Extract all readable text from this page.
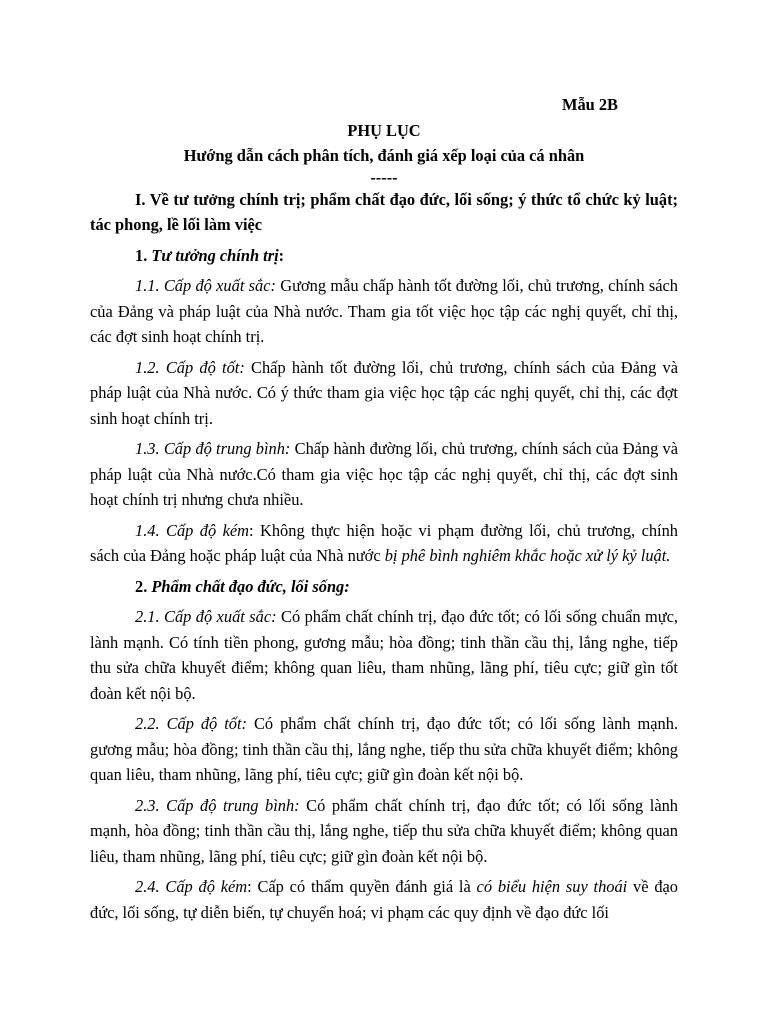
Mẫu 2B

PHỤ LỤC

Hướng dẫn cách phân tích, đánh giá xếp loại của cá nhân

-----

I. Về tư tưởng chính trị; phẩm chất đạo đức, lối sống; ý thức tổ chức kỷ luật; tác phong, lề lối làm việc

1. Tư tưởng chính trị:

1.1. Cấp độ xuất sắc: Gương mẫu chấp hành tốt đường lối, chủ trương, chính sách của Đảng và pháp luật của Nhà nước. Tham gia tốt việc học tập các nghị quyết, chỉ thị, các đợt sinh hoạt chính trị.

1.2. Cấp độ tốt: Chấp hành tốt đường lối, chủ trương, chính sách của Đảng và pháp luật của Nhà nước. Có ý thức tham gia việc học tập các nghị quyết, chỉ thị, các đợt sinh hoạt chính trị.

1.3. Cấp độ trung bình: Chấp hành đường lối, chủ trương, chính sách của Đảng và pháp luật của Nhà nước.Có tham gia việc học tập các nghị quyết, chỉ thị, các đợt sinh hoạt chính trị nhưng chưa nhiều.

1.4. Cấp độ kém: Không thực hiện hoặc vi phạm đường lối, chủ trương, chính sách của Đảng hoặc pháp luật của Nhà nước bị phê bình nghiêm khắc hoặc xử lý kỷ luật.

2. Phẩm chất đạo đức, lối sống:

2.1. Cấp độ xuất sắc: Có phẩm chất chính trị, đạo đức tốt; có lối sống chuẩn mực, lành mạnh. Có tính tiền phong, gương mẫu; hòa đồng; tinh thần cầu thị, lắng nghe, tiếp thu sửa chữa khuyết điểm; không quan liêu, tham nhũng, lãng phí, tiêu cực; giữ gìn tốt đoàn kết nội bộ.

2.2. Cấp độ tốt: Có phẩm chất chính trị, đạo đức tốt; có lối sống lành mạnh. gương mẫu; hòa đồng; tinh thần cầu thị, lắng nghe, tiếp thu sửa chữa khuyết điểm; không quan liêu, tham nhũng, lãng phí, tiêu cực; giữ gìn đoàn kết nội bộ.

2.3. Cấp độ trung bình: Có phẩm chất chính trị, đạo đức tốt; có lối sống lành mạnh, hòa đồng; tinh thần cầu thị, lắng nghe, tiếp thu sửa chữa khuyết điểm; không quan liêu, tham nhũng, lãng phí, tiêu cực; giữ gìn đoàn kết nội bộ.

2.4. Cấp độ kém: Cấp có thẩm quyền đánh giá là có biểu hiện suy thoái về đạo đức, lối sống, tự diễn biến, tự chuyển hoá; vi phạm các quy định về đạo đức lối
